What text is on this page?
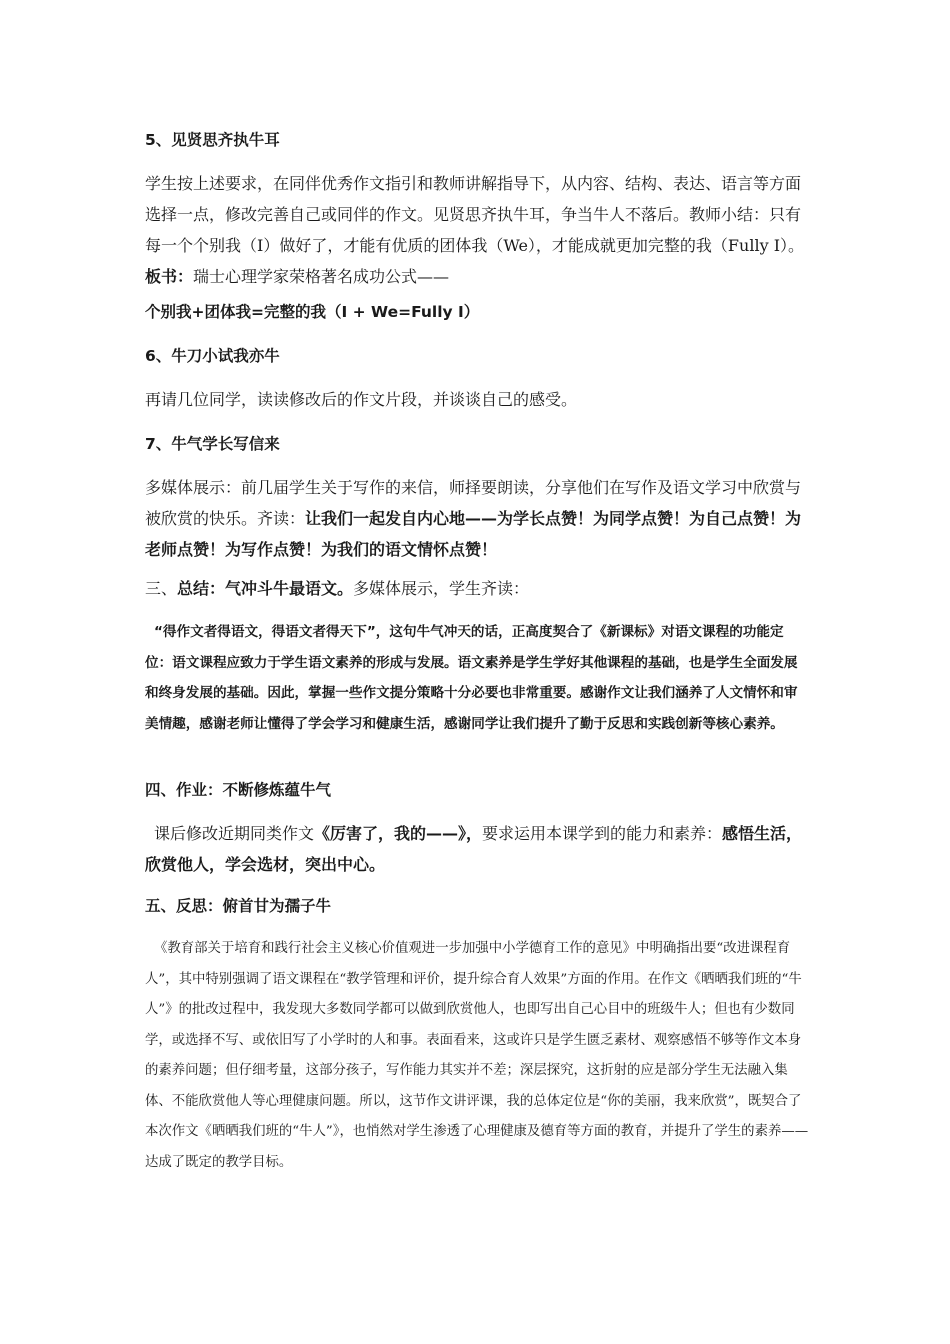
5、见贤思齐执牛耳
学生按上述要求，在同伴优秀作文指引和教师讲解指导下，从内容、结构、表达、语言等方面选择一点，修改完善自己或同伴的作文。见贤思齐执牛耳，争当牛人不落后。教师小结：只有每一个个别我（I）做好了，才能有优质的团体我（We），才能成就更加完整的我（Fully I）。板书：瑞士心理学家荣格著名成功公式——
个别我+团体我=完整的我（I + We=Fully I）
6、牛刀小试我亦牛
再请几位同学，读读修改后的作文片段，并谈谈自己的感受。
7、牛气学长写信来
多媒体展示：前几届学生关于写作的来信，师择要朗读，分享他们在写作及语文学习中欣赏与被欣赏的快乐。齐读：让我们一起发自内心地——为学长点赞！为同学点赞！为自己点赞！为老师点赞！为写作点赞！为我们的语文情怀点赞！
三、总结：气冲斗牛最语文。多媒体展示，学生齐读：
“得作文者得语文，得语文者得天下”，这句牛气冲天的话，正高度契合了《新课标》对语文课程的功能定位：语文课程应致力于学生语文素养的形成与发展。语文素养是学生学好其他课程的基础，也是学生全面发展和终身发展的基础。因此，掌握一些作文提分策略十分必要也非常重要。感谢作文让我们涵养了人文情怀和审美情趣，感谢老师让懂得了学会学习和健康生活，感谢同学让我们提升了勤于反思和实践创新等核心素养。
四、作业：不断修炼蕴牛气
课后修改近期同类作文《厉害了，我的——》，要求运用本课学到的能力和素养：感悟生活，欣赏他人，学会选材，突出中心。
五、反思：俯首甘为孺子牛
《教育部关于培育和践行社会主义核心价值观进一步加强中小学德育工作的意见》中明确指出要“改进课程育人”，其中特别强调了语文课程在“教学管理和评价，提升综合育人效果”方面的作用。在作文《晒晒我们班的“牛人”》的批改过程中，我发现大多数同学都可以做到欣赏他人，也即写出自己心目中的班级牛人；但也有少数同学，或选择不写、或依旧写了小学时的人和事。表面看来，这或许只是学生匮乏素材、观察感悟不够等作文本身的素养问题；但仔细考量，这部分孩子，写作能力其实并不差；深层探究，这折射的应是部分学生无法融入集体、不能欣赏他人等心理健康问题。所以，这节作文讲评课，我的总体定位是“你的美丽，我来欣赏”，既契合了本次作文《晒晒我们班的“牛人”》，也悄然对学生渗透了心理健康及德育等方面的教育，并提升了学生的素养——达成了既定的教学目标。
